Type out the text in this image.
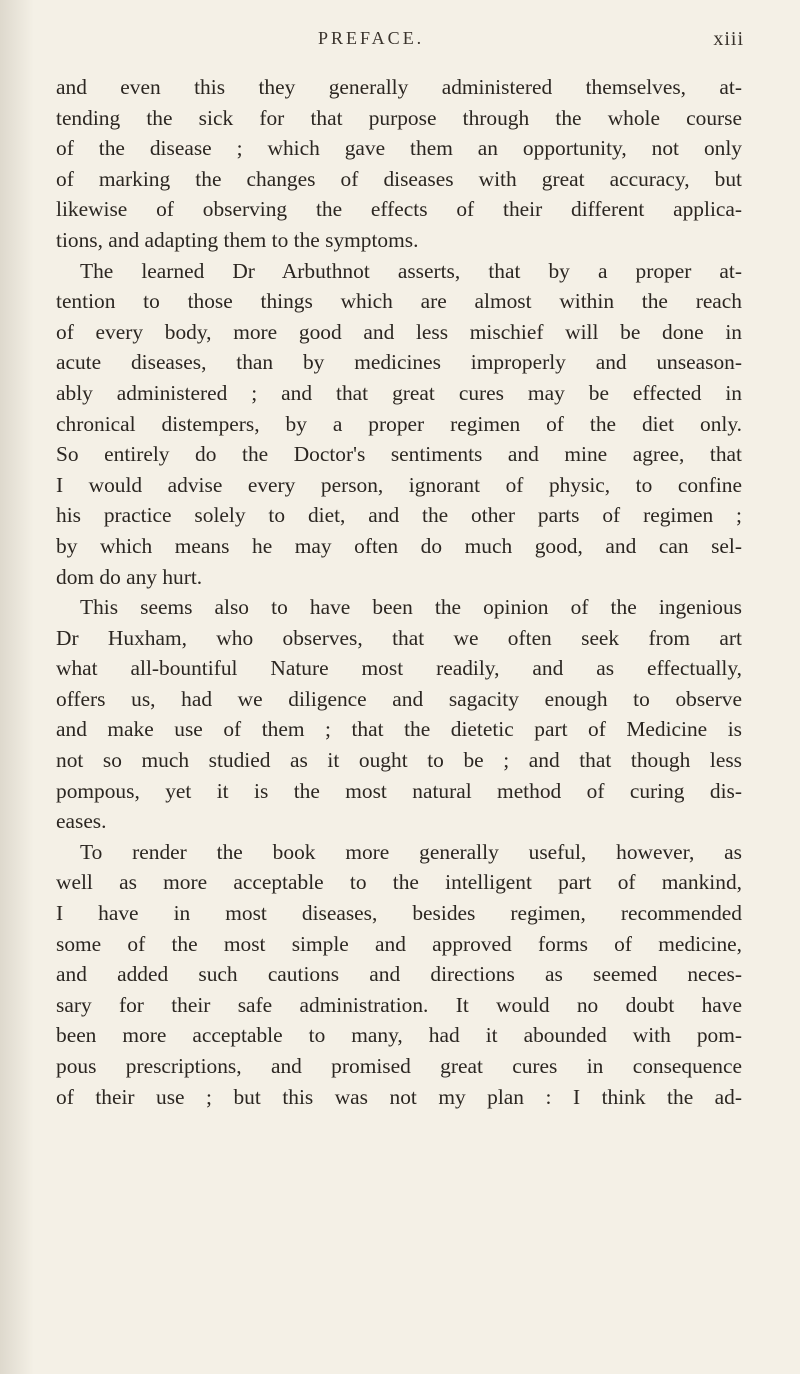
PREFACE.	xiii
and even this they generally administered themselves, at-
tending the sick for that purpose through the whole course
of the disease ; which gave them an opportunity, not only
of marking the changes of diseases with great accuracy, but
likewise of observing the effects of their different applica-
tions, and adapting them to the symptoms.
The learned Dr Arbuthnot asserts, that by a proper at-
tention to those things which are almost within the reach
of every body, more good and less mischief will be done in
acute diseases, than by medicines improperly and unseason-
ably administered ; and that great cures may be effected in
chronical distempers, by a proper regimen of the diet only.
So entirely do the Doctor's sentiments and mine agree, that
I would advise every person, ignorant of physic, to confine
his practice solely to diet, and the other parts of regimen ;
by which means he may often do much good, and can sel-
dom do any hurt.
This seems also to have been the opinion of the ingenious
Dr Huxham, who observes, that we often seek from art
what all-bountiful Nature most readily, and as effectually,
offers us, had we diligence and sagacity enough to observe
and make use of them ; that the dietetic part of Medicine is
not so much studied as it ought to be ; and that though less
pompous, yet it is the most natural method of curing dis-
eases.
To render the book more generally useful, however, as
well as more acceptable to the intelligent part of mankind,
I have in most diseases, besides regimen, recommended
some of the most simple and approved forms of medicine,
and added such cautions and directions as seemed neces-
sary for their safe administration. It would no doubt have
been more acceptable to many, had it abounded with pom-
pous prescriptions, and promised great cures in consequence
of their use ; but this was not my plan : I think the ad-
